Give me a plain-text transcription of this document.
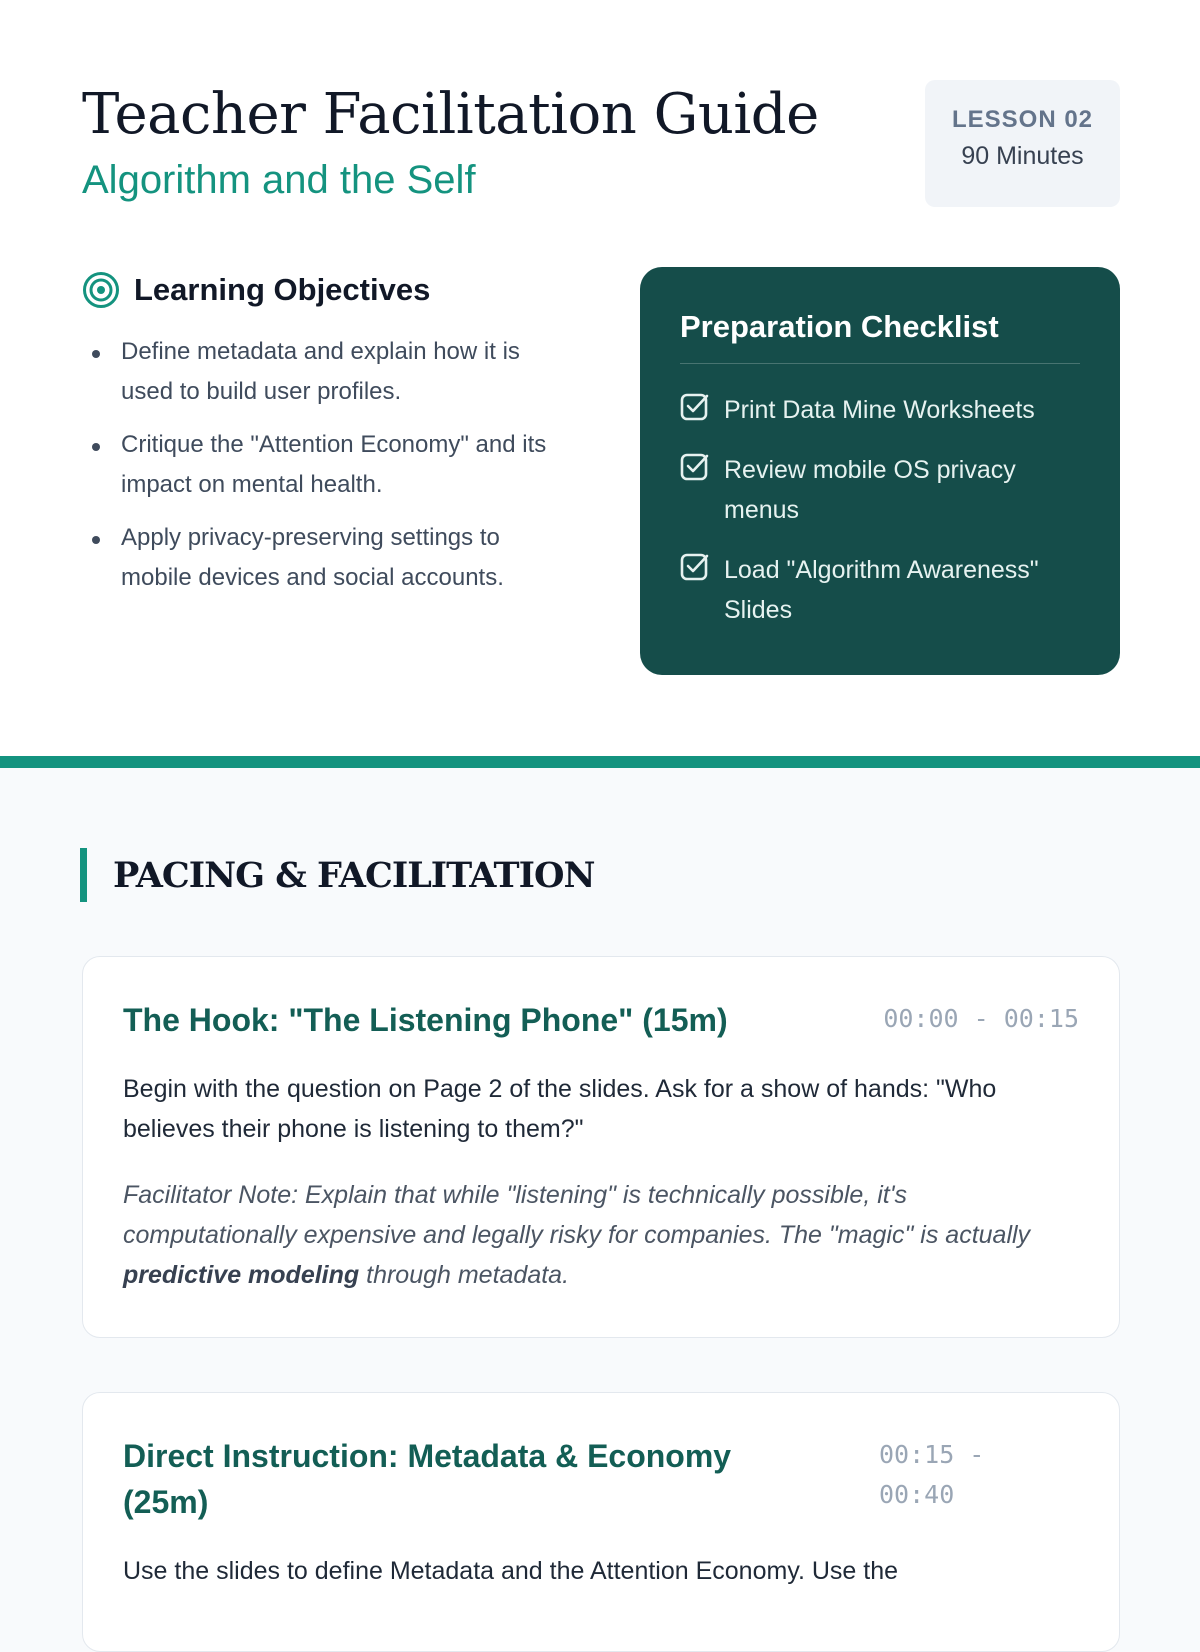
Teacher Facilitation Guide
Algorithm and the Self
LESSON 02
90 Minutes
Learning Objectives
Define metadata and explain how it is used to build user profiles.
Critique the "Attention Economy" and its impact on mental health.
Apply privacy-preserving settings to mobile devices and social accounts.
Preparation Checklist
Print Data Mine Worksheets
Review mobile OS privacy menus
Load "Algorithm Awareness" Slides
PACING & FACILITATION
The Hook: "The Listening Phone" (15m)	00:00 - 00:15

Begin with the question on Page 2 of the slides. Ask for a show of hands: "Who believes their phone is listening to them?"

Facilitator Note: Explain that while "listening" is technically possible, it's computationally expensive and legally risky for companies. The "magic" is actually predictive modeling through metadata.

Direct Instruction: Metadata & Economy (25m)
00:15 - 00:40

Use the slides to define Metadata and the Attention Economy. Use the
